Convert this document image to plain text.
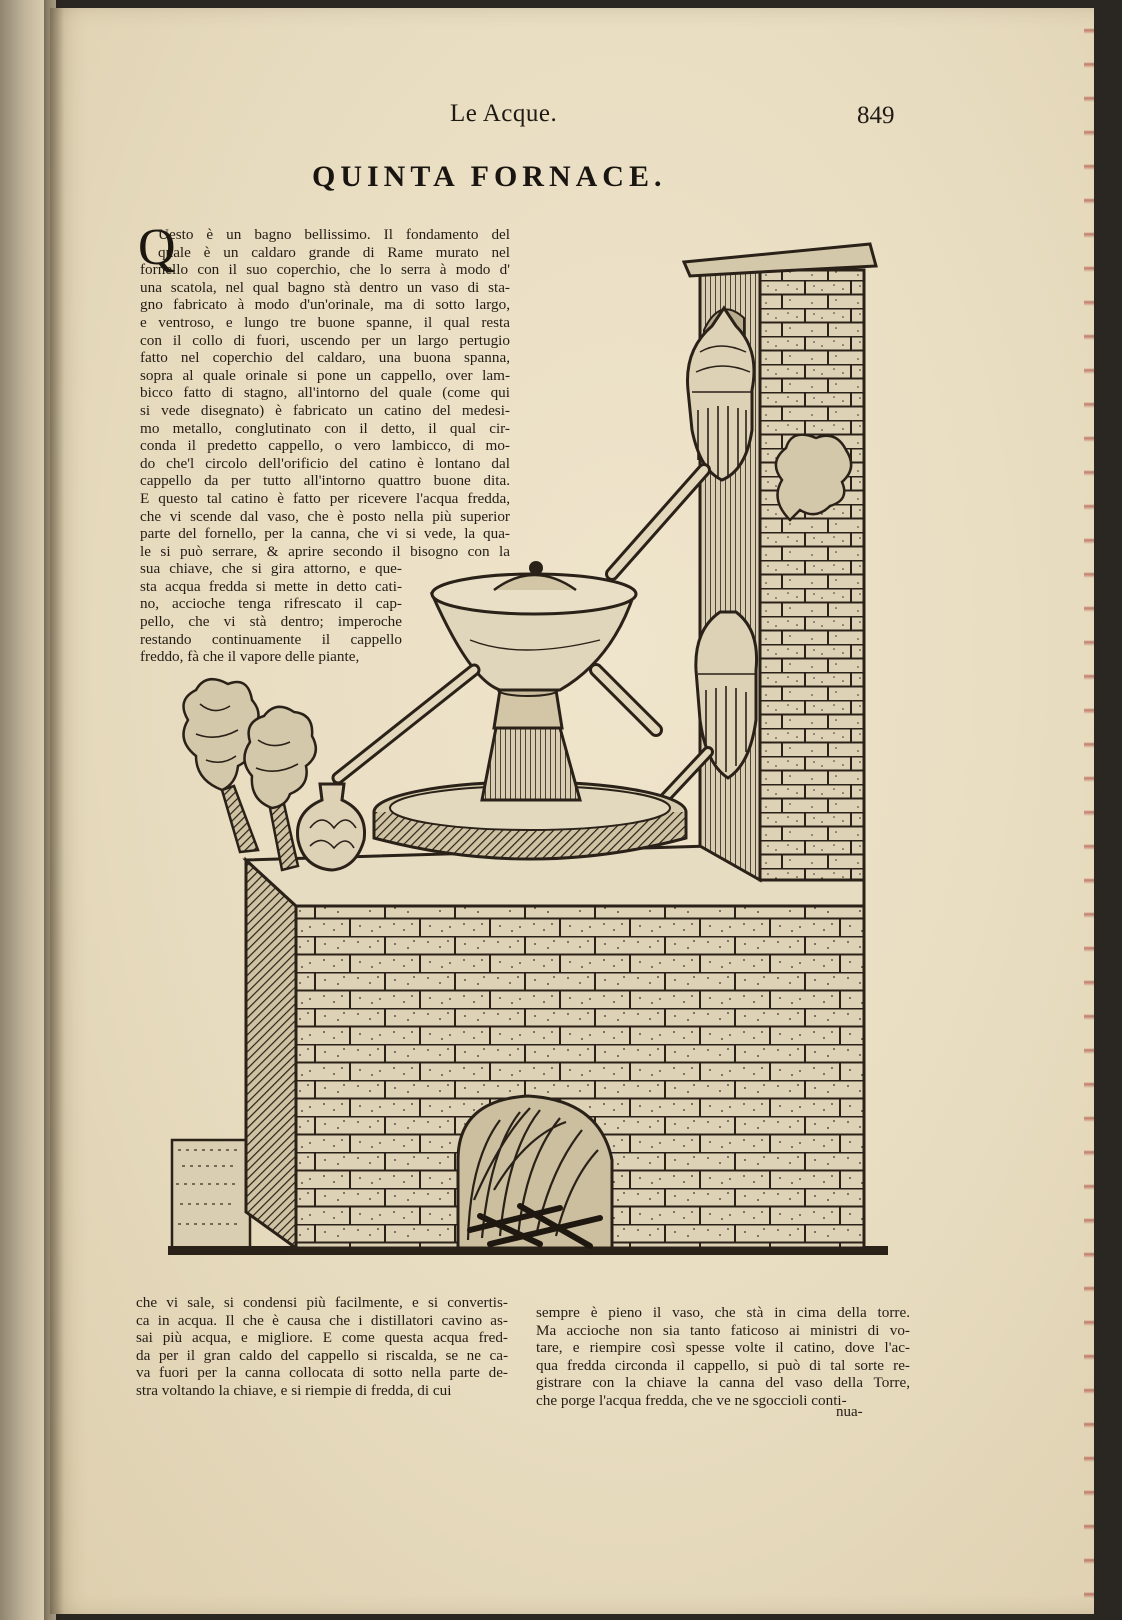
Le Acque.	849
QUINTA FORNACE.
Q
Uesto è un bagno bellissimo. Il fondamento del
quale è un caldaro grande di Rame murato nel
fornello con il suo coperchio, che lo serra à modo d'
una scatola, nel qual bagno stà dentro un vaso di sta-
gno fabricato à modo d'un'orinale, ma di sotto largo,
e ventroso, e lungo tre buone spanne, il qual resta
con il collo di fuori, uscendo per un largo pertugio
fatto nel coperchio del caldaro, una buona spanna,
sopra al quale orinale si pone un cappello, over lam-
bicco fatto di stagno, all'intorno del quale (come qui
si vede disegnato) è fabricato un catino del medesi-
mo metallo, conglutinato con il detto, il qual cir-
conda il predetto cappello, o vero lambicco, di mo-
do che'l circolo dell'orificio del catino è lontano dal
cappello da per tutto all'intorno quattro buone dita.
E questo tal catino è fatto per ricevere l'acqua fredda,
che vi scende dal vaso, che è posto nella più superior
parte del fornello, per la canna, che vi si vede, la qua-
le si può serrare, & aprire secondo il bisogno con la
sua chiave, che si gira attorno, e que-
sta acqua fredda si mette in detto cati-
no, accioche tenga rifrescato il cap-
pello, che vi stà dentro; imperoche
restando continuamente il cappello
freddo, fà che il vapore delle piante,
che vi sale, si condensi più facilmente, e si convertis-
ca in acqua. Il che è causa che i distillatori cavino as-
sai più acqua, e migliore. E come questa acqua fred-
da per il gran caldo del cappello si riscalda, se ne ca-
va fuori per la canna collocata di sotto nella parte de-
stra voltando la chiave, e si riempie di fredda, di cui
sempre è pieno il vaso, che stà in cima della torre.
Ma accioche non sia tanto faticoso ai ministri di vo-
tare, e riempire così spesse volte il catino, dove l'ac-
qua fredda circonda il cappello, si può di tal sorte re-
gistrare con la chiave la canna del vaso della Torre,
che porge l'acqua fredda, che ve ne sgoccioli conti-
nua-
